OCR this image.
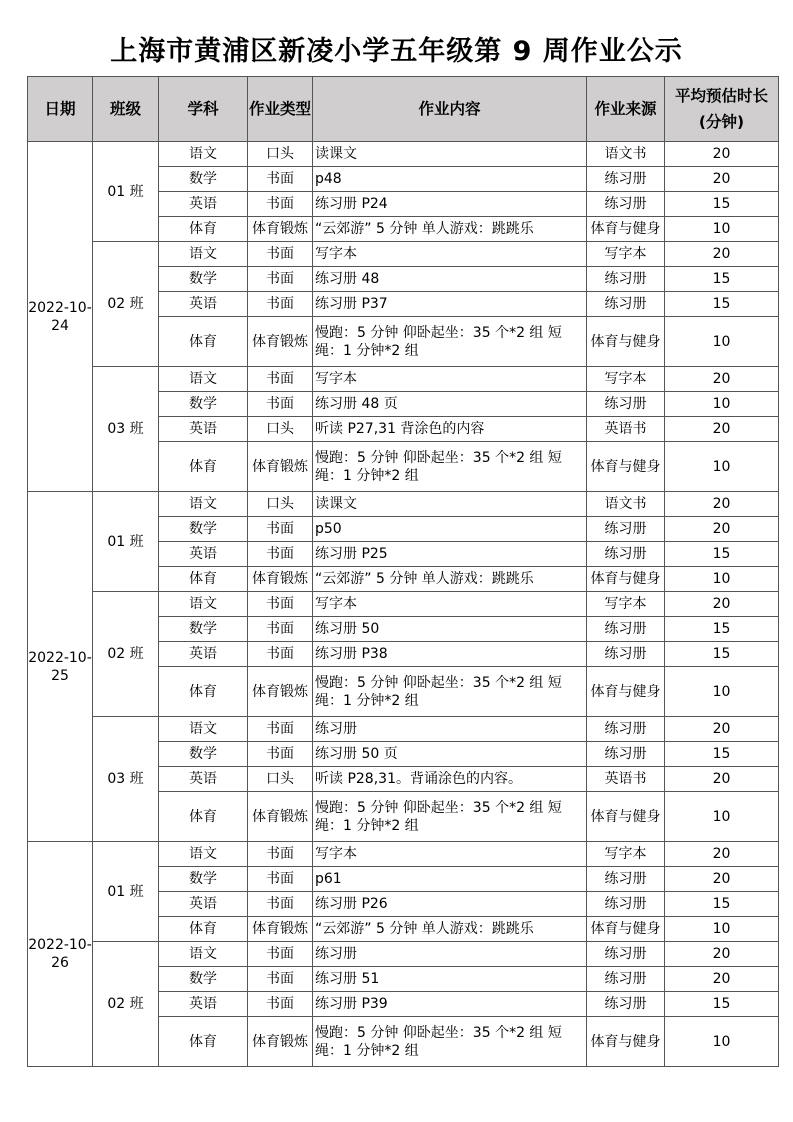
上海市黄浦区新凌小学五年级第 9 周作业公示
日期	班级	学科	作业类型	作业内容	作业来源	平均预估时长(分钟)
2022-10-24	01 班	语文	口头	读课文	语文书	20
		数学	书面	p48	练习册	20
		英语	书面	练习册 P24	练习册	15
		体育	体育锻炼	“云郊游” 5 分钟 单人游戏：跳跳乐	体育与健身	10
	02 班	语文	书面	写字本	写字本	20
		数学	书面	练习册 48	练习册	15
		英语	书面	练习册 P37	练习册	15
		体育	体育锻炼	慢跑：5 分钟 仰卧起坐：35 个*2 组 短绳：1 分钟*2 组	体育与健身	10
	03 班	语文	书面	写字本	写字本	20
		数学	书面	练习册 48 页	练习册	10
		英语	口头	听读 P27,31 背涂色的内容	英语书	20
		体育	体育锻炼	慢跑：5 分钟 仰卧起坐：35 个*2 组 短绳：1 分钟*2 组	体育与健身	10
2022-10-25	01 班	语文	口头	读课文	语文书	20
		数学	书面	p50	练习册	20
		英语	书面	练习册 P25	练习册	15
		体育	体育锻炼	“云郊游” 5 分钟 单人游戏：跳跳乐	体育与健身	10
	02 班	语文	书面	写字本	写字本	20
		数学	书面	练习册 50	练习册	15
		英语	书面	练习册 P38	练习册	15
		体育	体育锻炼	慢跑：5 分钟 仰卧起坐：35 个*2 组 短绳：1 分钟*2 组	体育与健身	10
	03 班	语文	书面	练习册	练习册	20
		数学	书面	练习册 50 页	练习册	15
		英语	口头	听读 P28,31。背诵涂色的内容。	英语书	20
		体育	体育锻炼	慢跑：5 分钟 仰卧起坐：35 个*2 组 短绳：1 分钟*2 组	体育与健身	10
2022-10-26	01 班	语文	书面	写字本	写字本	20
		数学	书面	p61	练习册	20
		英语	书面	练习册 P26	练习册	15
		体育	体育锻炼	“云郊游” 5 分钟 单人游戏：跳跳乐	体育与健身	10
	02 班	语文	书面	练习册	练习册	20
		数学	书面	练习册 51	练习册	20
		英语	书面	练习册 P39	练习册	15
		体育	体育锻炼	慢跑：5 分钟 仰卧起坐：35 个*2 组 短绳：1 分钟*2 组	体育与健身	10
